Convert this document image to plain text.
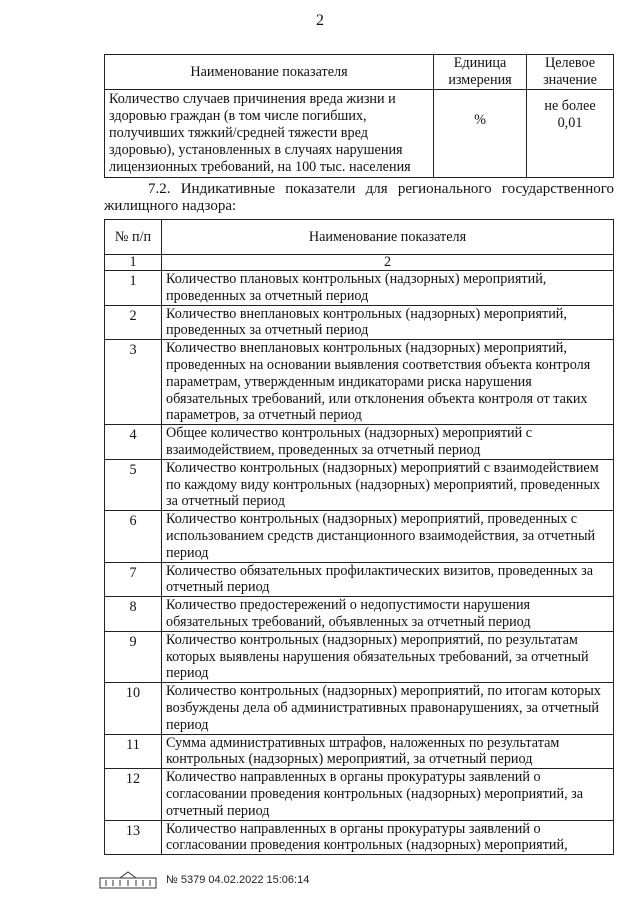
2
Наименование показателя	Единица измерения	Целевое значение
Количество случаев причинения вреда жизни и здоровью граждан (в том числе погибших, получивших тяжкий/средней тяжести вред здоровью), установленных в случаях нарушения лицензионных требований, на 100 тыс. населения	%	не более 0,01
7.2. Индикативные показатели для регионального государственного жилищного надзора:
№ п/п	Наименование показателя
1	2
1	Количество плановых контрольных (надзорных) мероприятий, проведенных за отчетный период
2	Количество внеплановых контрольных (надзорных) мероприятий, проведенных за отчетный период
3	Количество внеплановых контрольных (надзорных) мероприятий, проведенных на основании выявления соответствия объекта контроля параметрам, утвержденным индикаторами риска нарушения обязательных требований, или отклонения объекта контроля от таких параметров, за отчетный период
4	Общее количество контрольных (надзорных) мероприятий с взаимодействием, проведенных за отчетный период
5	Количество контрольных (надзорных) мероприятий с взаимодействием по каждому виду контрольных (надзорных) мероприятий, проведенных за отчетный период
6	Количество контрольных (надзорных) мероприятий, проведенных с использованием средств дистанционного взаимодействия, за отчетный период
7	Количество обязательных профилактических визитов, проведенных за отчетный период
8	Количество предостережений о недопустимости нарушения обязательных требований, объявленных за отчетный период
9	Количество контрольных (надзорных) мероприятий, по результатам которых выявлены нарушения обязательных требований, за отчетный период
10	Количество контрольных (надзорных) мероприятий, по итогам которых возбуждены дела об административных правонарушениях, за отчетный период
11	Сумма административных штрафов, наложенных по результатам контрольных (надзорных) мероприятий, за отчетный период
12	Количество направленных в органы прокуратуры заявлений о согласовании проведения контрольных (надзорных) мероприятий, за отчетный период
13	Количество направленных в органы прокуратуры заявлений о согласовании проведения контрольных (надзорных) мероприятий,
№ 5379 04.02.2022 15:06:14
